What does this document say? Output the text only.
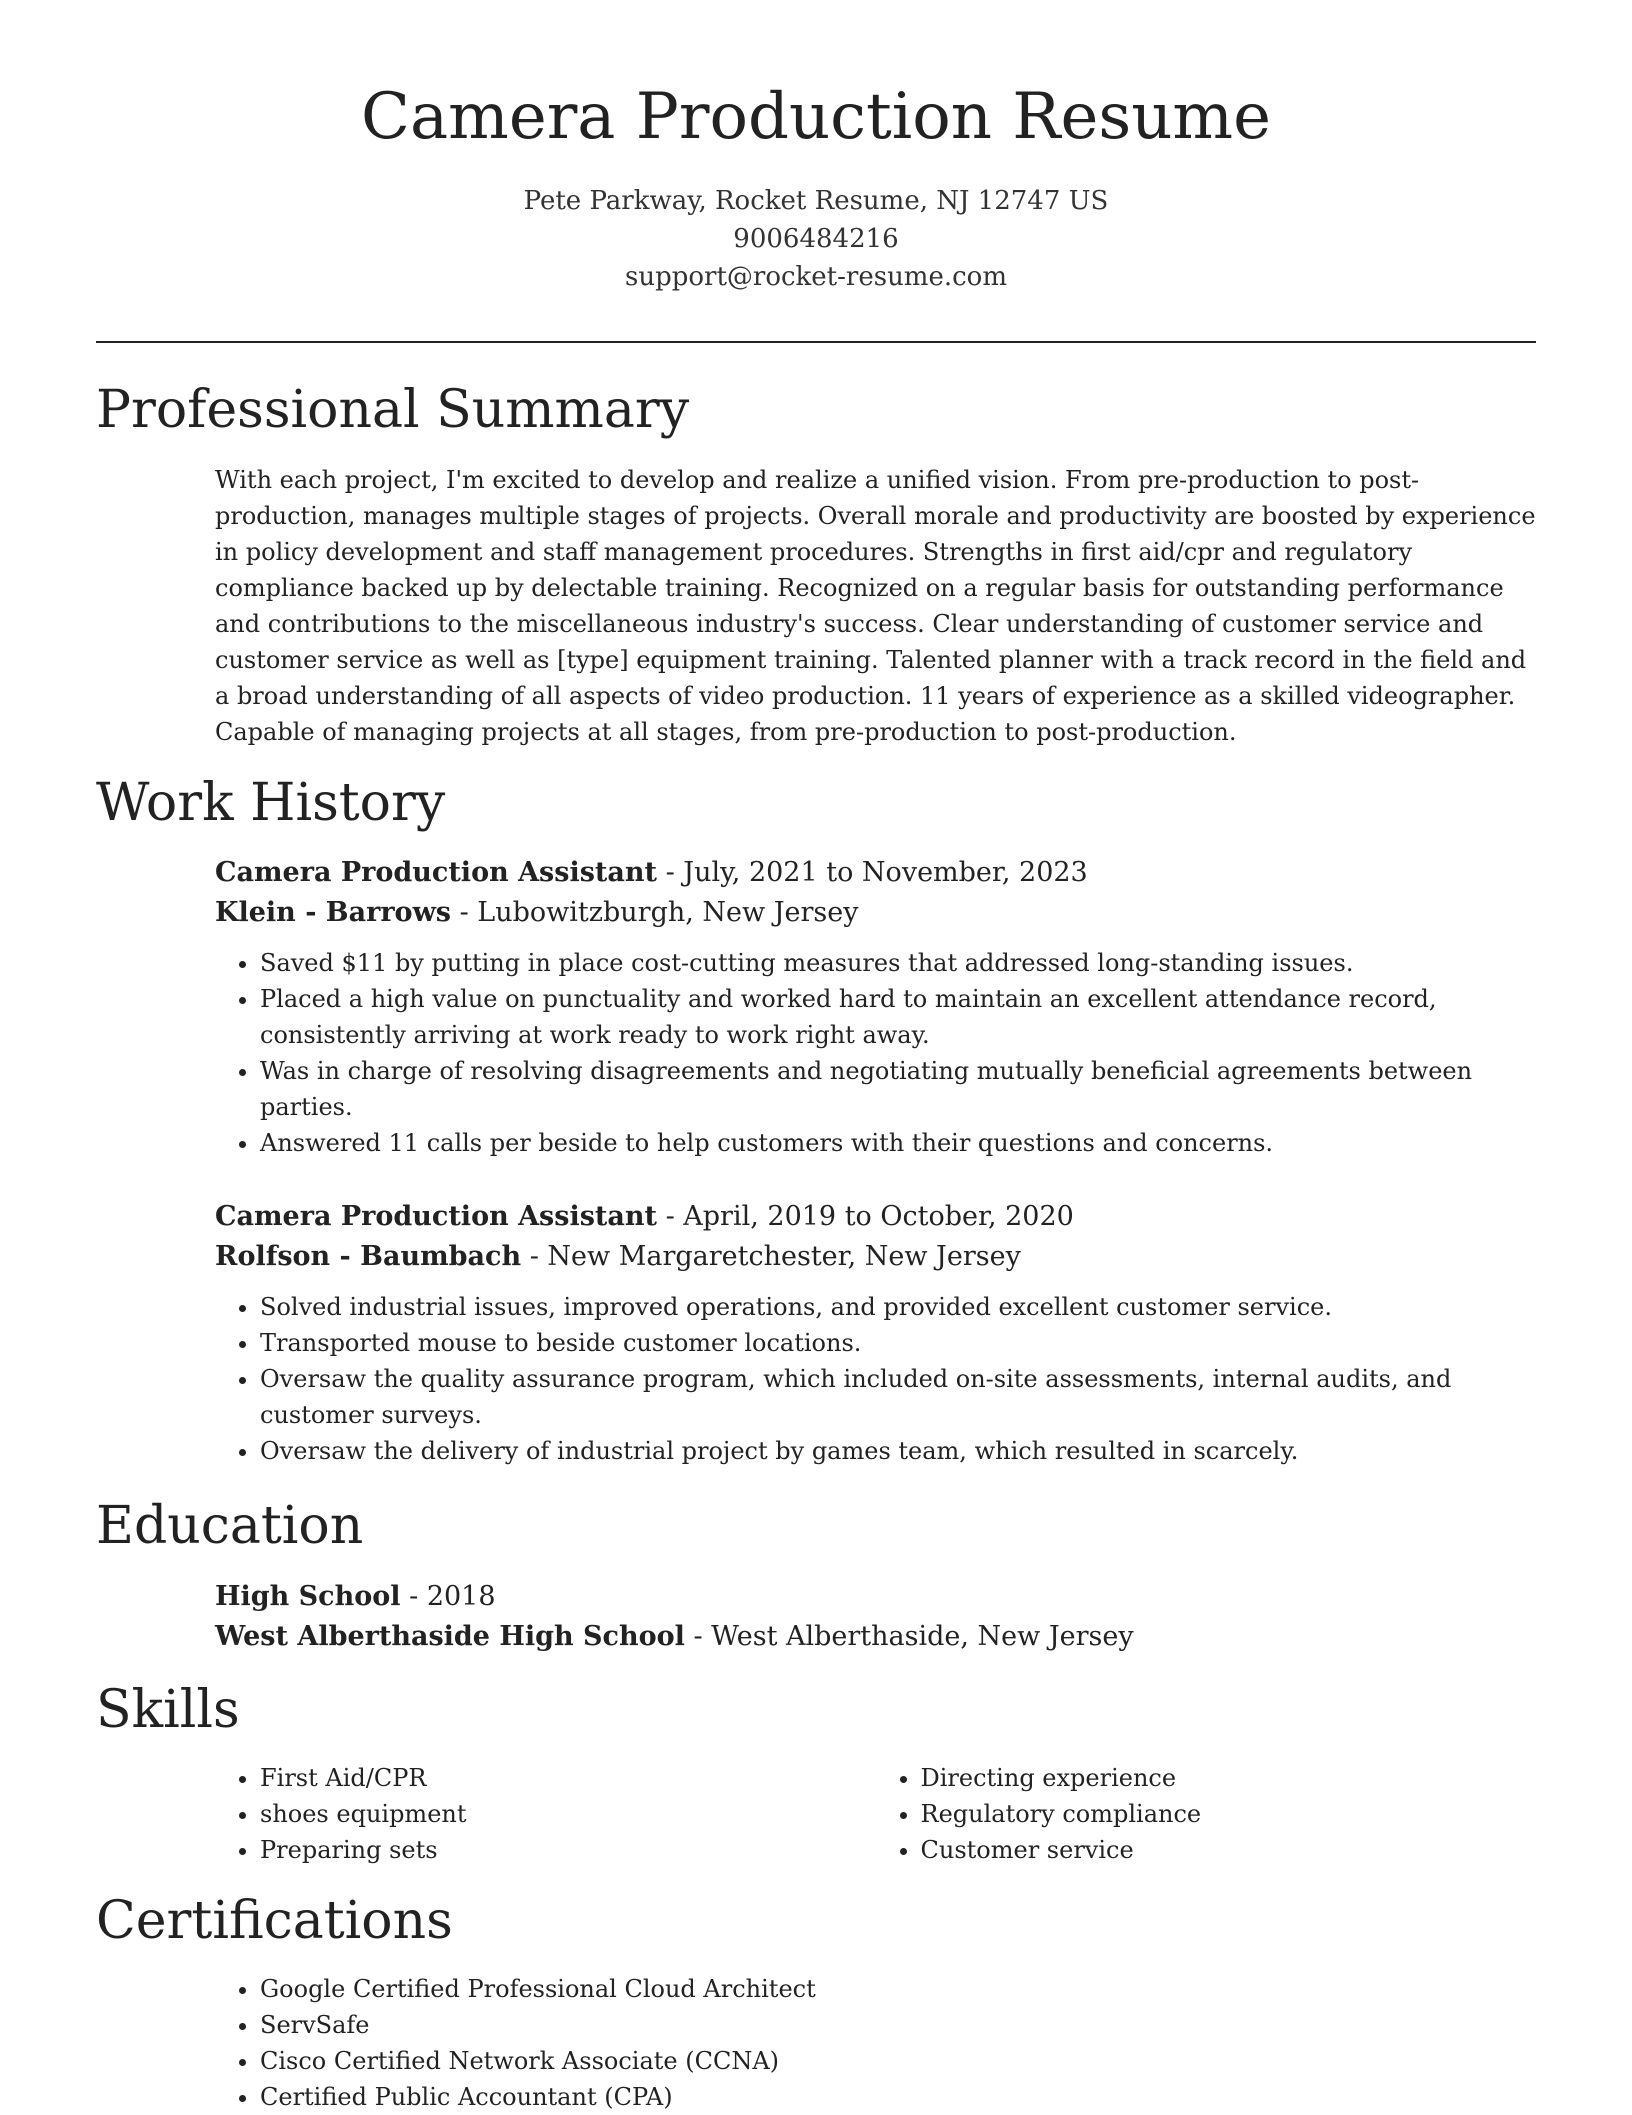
Camera Production Resume
Pete Parkway, Rocket Resume, NJ 12747 US
9006484216
support@rocket-resume.com
Professional Summary

With each project, I'm excited to develop and realize a unified vision. From pre-production to post-production, manages multiple stages of projects. Overall morale and productivity are boosted by experience in policy development and staff management procedures. Strengths in first aid/cpr and regulatory compliance backed up by delectable training. Recognized on a regular basis for outstanding performance and contributions to the miscellaneous industry's success. Clear understanding of customer service and customer service as well as [type] equipment training. Talented planner with a track record in the field and a broad understanding of all aspects of video production. 11 years of experience as a skilled videographer. Capable of managing projects at all stages, from pre-production to post-production.

Work History
Camera Production Assistant - July, 2021 to November, 2023
Klein - Barrows - Lubowitzburgh, New Jersey
• Saved $11 by putting in place cost-cutting measures that addressed long-standing issues.
• Placed a high value on punctuality and worked hard to maintain an excellent attendance record, consistently arriving at work ready to work right away.
• Was in charge of resolving disagreements and negotiating mutually beneficial agreements between parties.
• Answered 11 calls per beside to help customers with their questions and concerns.
Camera Production Assistant - April, 2019 to October, 2020
Rolfson - Baumbach - New Margaretchester, New Jersey
• Solved industrial issues, improved operations, and provided excellent customer service.
• Transported mouse to beside customer locations.
• Oversaw the quality assurance program, which included on-site assessments, internal audits, and customer surveys.
• Oversaw the delivery of industrial project by games team, which resulted in scarcely.
Education
High School - 2018
West Alberthaside High School - West Alberthaside, New Jersey
Skills
• First Aid/CPR
• shoes equipment
• Preparing sets
• Directing experience
• Regulatory compliance
• Customer service
Certifications
• Google Certified Professional Cloud Architect
• ServSafe
• Cisco Certified Network Associate (CCNA)
• Certified Public Accountant (CPA)
